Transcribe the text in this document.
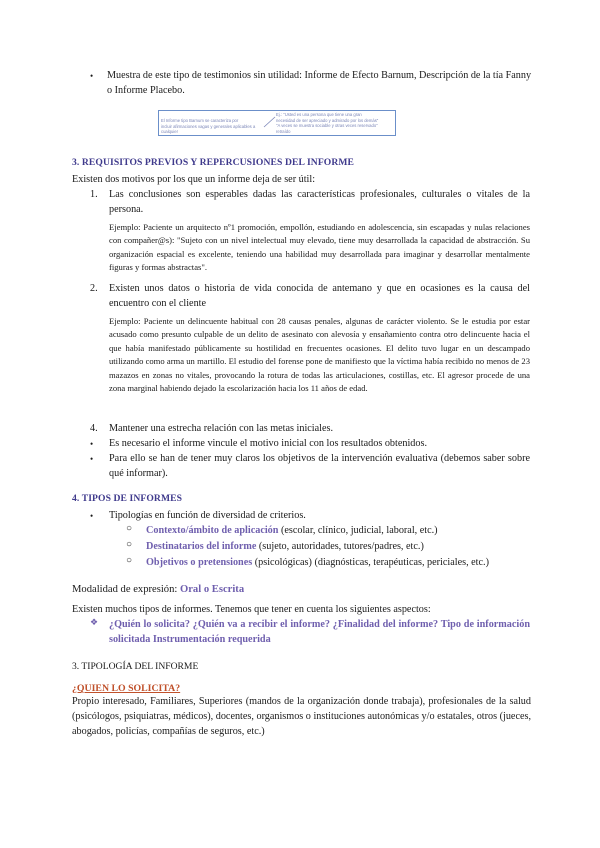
• Muestra de este tipo de testimonios sin utilidad: Informe de Efecto Barnum, Descripción de la tía Fanny o Informe Placebo.
El Informe tipo Barnum se caracteriza por
incluir afirmaciones vagas y generales aplicables a cualquier
Ej.: "Usted es una persona que tiene una gran
necesidad de ser apreciado y admirado por los demás"
"A veces se muestra sociable y otras veces reservado"
retraído
3. REQUISITOS PREVIOS Y REPERCUSIONES DEL INFORME
Existen dos motivos por los que un informe deja de ser útil:
1. Las conclusiones son esperables dadas las características profesionales, culturales o vitales de la persona.
Ejemplo: Paciente un arquitecto nº1 promoción, empollón, estudiando en adolescencia, sin escapadas y nulas relaciones con compañer@s): "Sujeto con un nivel intelectual muy elevado, tiene muy desarrollada la capacidad de abstracción. Su organización espacial es excelente, teniendo una habilidad muy desarrollada para imaginar y desarrollar mentalmente figuras y formas abstractas".
2. Existen unos datos o historia de vida conocida de antemano y que en ocasiones es la causa del encuentro con el cliente
Ejemplo: Paciente un delincuente habitual con 28 causas penales, algunas de carácter violento. Se le estudia por estar acusado como presunto culpable de un delito de asesinato con alevosía y ensañamiento contra otro delincuente hacia el que había manifestado públicamente su hostilidad en frecuentes ocasiones. El delito tuvo lugar en un descampado utilizando como arma un martillo. El estudio del forense pone de manifiesto que la víctima había recibido no menos de 23 mazazos en zonas no vitales, provocando la rotura de todas las articulaciones, costillas, etc. El agresor procede de una zona marginal habiendo dejado la escolarización hacia los 11 años de edad.
4. Mantener una estrecha relación con las metas iniciales.
• Es necesario el informe vincule el motivo inicial con los resultados obtenidos.
• Para ello se han de tener muy claros los objetivos de la intervención evaluativa (debemos saber sobre qué informar).
4. TIPOS DE INFORMES
• Tipologías en función de diversidad de criterios.
○ Contexto/ámbito de aplicación (escolar, clínico, judicial, laboral, etc.)
○ Destinatarios del informe (sujeto, autoridades, tutores/padres, etc.)
○ Objetivos o pretensiones (psicológicas) (diagnósticas, terapéuticas, periciales, etc.)
Modalidad de expresión: Oral o Escrita
Existen muchos tipos de informes. Tenemos que tener en cuenta los siguientes aspectos:
❖ ¿Quién lo solicita? ¿Quién va a recibir el informe? ¿Finalidad del informe? Tipo de información solicitada Instrumentación requerida
3. TIPOLOGÍA DEL INFORME
¿QUIEN LO SOLICITA?
Propio interesado, Familiares, Superiores (mandos de la organización donde trabaja), profesionales de la salud (psicólogos, psiquiatras, médicos), docentes, organismos o instituciones autonómicas y/o estatales, otros (jueces, abogados, policías, compañías de seguros, etc.)
